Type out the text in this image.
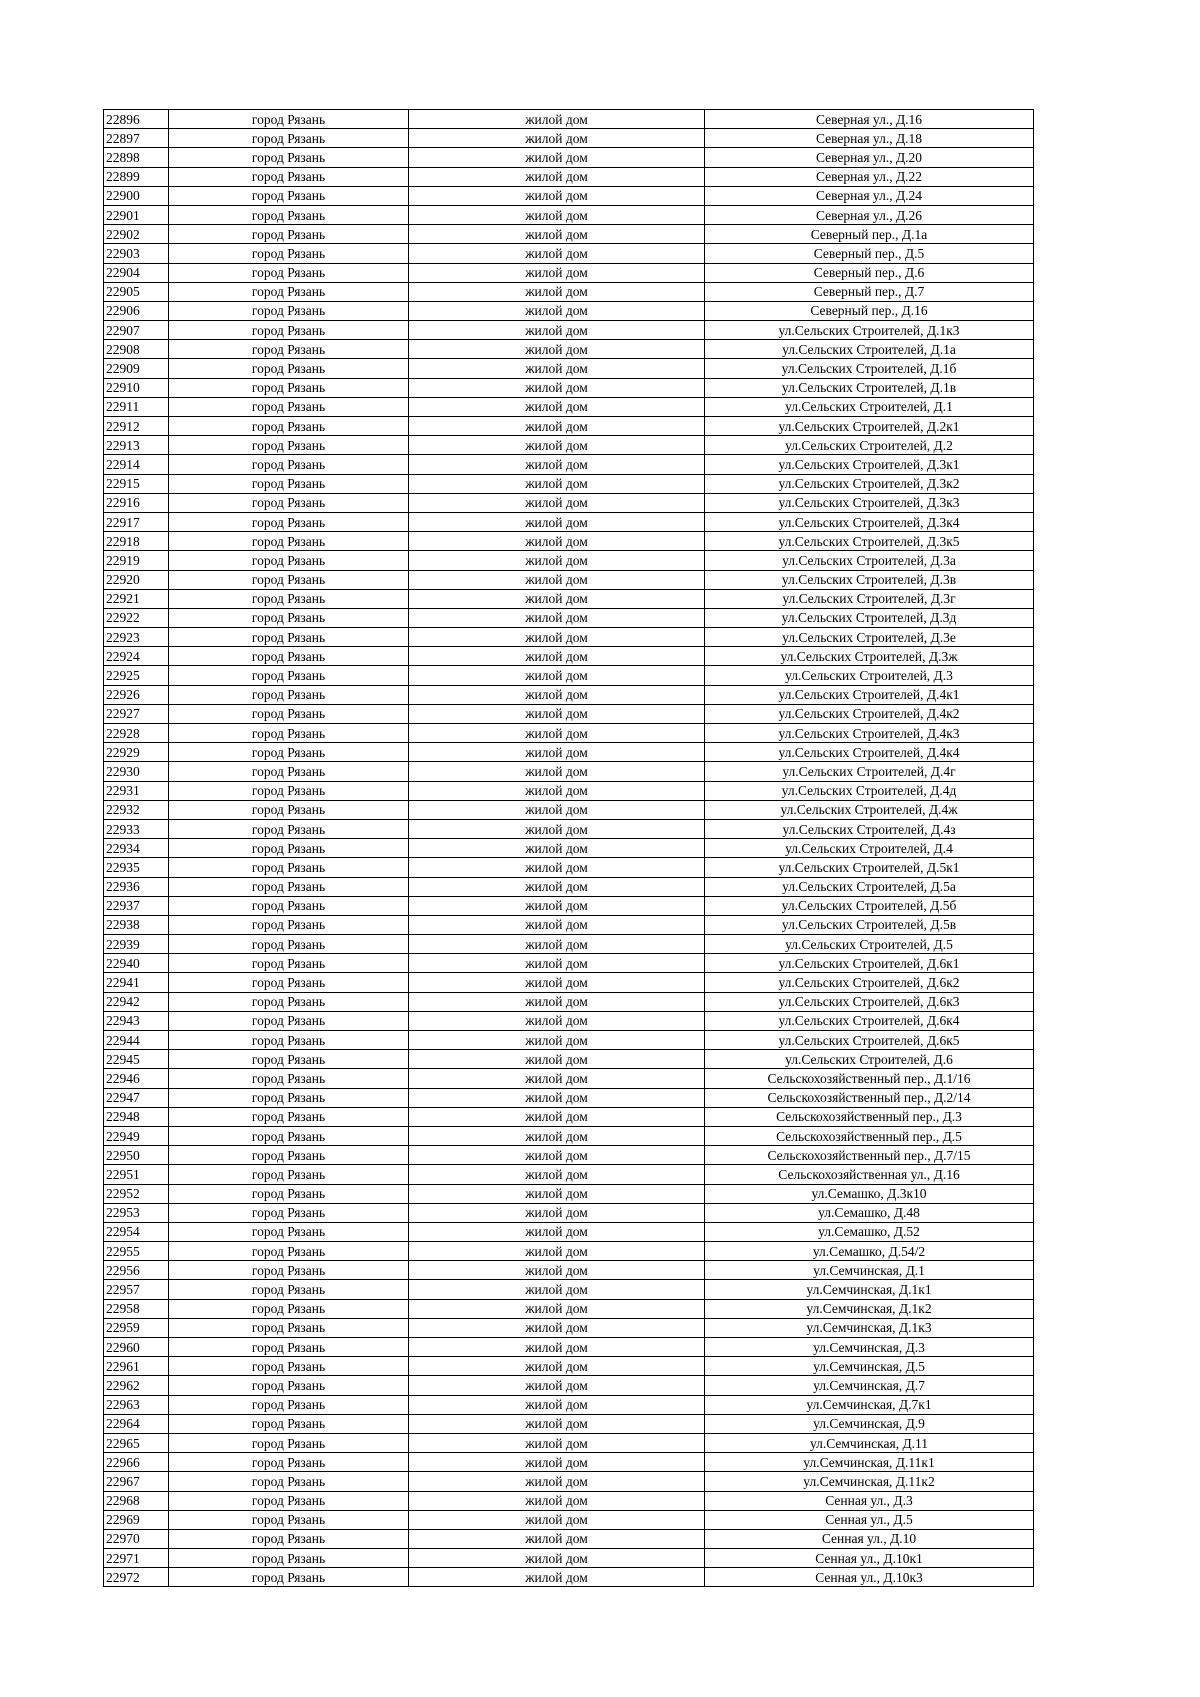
22896	город Рязань	жилой дом	Северная ул., Д.16
22897	город Рязань	жилой дом	Северная ул., Д.18
22898	город Рязань	жилой дом	Северная ул., Д.20
22899	город Рязань	жилой дом	Северная ул., Д.22
22900	город Рязань	жилой дом	Северная ул., Д.24
22901	город Рязань	жилой дом	Северная ул., Д.26
22902	город Рязань	жилой дом	Северный пер., Д.1а
22903	город Рязань	жилой дом	Северный пер., Д.5
22904	город Рязань	жилой дом	Северный пер., Д.6
22905	город Рязань	жилой дом	Северный пер., Д.7
22906	город Рязань	жилой дом	Северный пер., Д.16
22907	город Рязань	жилой дом	ул.Сельских Строителей, Д.1к3
22908	город Рязань	жилой дом	ул.Сельских Строителей, Д.1а
22909	город Рязань	жилой дом	ул.Сельских Строителей, Д.1б
22910	город Рязань	жилой дом	ул.Сельских Строителей, Д.1в
22911	город Рязань	жилой дом	ул.Сельских Строителей, Д.1
22912	город Рязань	жилой дом	ул.Сельских Строителей, Д.2к1
22913	город Рязань	жилой дом	ул.Сельских Строителей, Д.2
22914	город Рязань	жилой дом	ул.Сельских Строителей, Д.3к1
22915	город Рязань	жилой дом	ул.Сельских Строителей, Д.3к2
22916	город Рязань	жилой дом	ул.Сельских Строителей, Д.3к3
22917	город Рязань	жилой дом	ул.Сельских Строителей, Д.3к4
22918	город Рязань	жилой дом	ул.Сельских Строителей, Д.3к5
22919	город Рязань	жилой дом	ул.Сельских Строителей, Д.3а
22920	город Рязань	жилой дом	ул.Сельских Строителей, Д.3в
22921	город Рязань	жилой дом	ул.Сельских Строителей, Д.3г
22922	город Рязань	жилой дом	ул.Сельских Строителей, Д.3д
22923	город Рязань	жилой дом	ул.Сельских Строителей, Д.3е
22924	город Рязань	жилой дом	ул.Сельских Строителей, Д.3ж
22925	город Рязань	жилой дом	ул.Сельских Строителей, Д.3
22926	город Рязань	жилой дом	ул.Сельских Строителей, Д.4к1
22927	город Рязань	жилой дом	ул.Сельских Строителей, Д.4к2
22928	город Рязань	жилой дом	ул.Сельских Строителей, Д.4к3
22929	город Рязань	жилой дом	ул.Сельских Строителей, Д.4к4
22930	город Рязань	жилой дом	ул.Сельских Строителей, Д.4г
22931	город Рязань	жилой дом	ул.Сельских Строителей, Д.4д
22932	город Рязань	жилой дом	ул.Сельских Строителей, Д.4ж
22933	город Рязань	жилой дом	ул.Сельских Строителей, Д.4з
22934	город Рязань	жилой дом	ул.Сельских Строителей, Д.4
22935	город Рязань	жилой дом	ул.Сельских Строителей, Д.5к1
22936	город Рязань	жилой дом	ул.Сельских Строителей, Д.5а
22937	город Рязань	жилой дом	ул.Сельских Строителей, Д.5б
22938	город Рязань	жилой дом	ул.Сельских Строителей, Д.5в
22939	город Рязань	жилой дом	ул.Сельских Строителей, Д.5
22940	город Рязань	жилой дом	ул.Сельских Строителей, Д.6к1
22941	город Рязань	жилой дом	ул.Сельских Строителей, Д.6к2
22942	город Рязань	жилой дом	ул.Сельских Строителей, Д.6к3
22943	город Рязань	жилой дом	ул.Сельских Строителей, Д.6к4
22944	город Рязань	жилой дом	ул.Сельских Строителей, Д.6к5
22945	город Рязань	жилой дом	ул.Сельских Строителей, Д.6
22946	город Рязань	жилой дом	Сельскохозяйственный пер., Д.1/16
22947	город Рязань	жилой дом	Сельскохозяйственный пер., Д.2/14
22948	город Рязань	жилой дом	Сельскохозяйственный пер., Д.3
22949	город Рязань	жилой дом	Сельскохозяйственный пер., Д.5
22950	город Рязань	жилой дом	Сельскохозяйственный пер., Д.7/15
22951	город Рязань	жилой дом	Сельскохозяйственная ул., Д.16
22952	город Рязань	жилой дом	ул.Семашко, Д.3к10
22953	город Рязань	жилой дом	ул.Семашко, Д.48
22954	город Рязань	жилой дом	ул.Семашко, Д.52
22955	город Рязань	жилой дом	ул.Семашко, Д.54/2
22956	город Рязань	жилой дом	ул.Семчинская, Д.1
22957	город Рязань	жилой дом	ул.Семчинская, Д.1к1
22958	город Рязань	жилой дом	ул.Семчинская, Д.1к2
22959	город Рязань	жилой дом	ул.Семчинская, Д.1к3
22960	город Рязань	жилой дом	ул.Семчинская, Д.3
22961	город Рязань	жилой дом	ул.Семчинская, Д.5
22962	город Рязань	жилой дом	ул.Семчинская, Д.7
22963	город Рязань	жилой дом	ул.Семчинская, Д.7к1
22964	город Рязань	жилой дом	ул.Семчинская, Д.9
22965	город Рязань	жилой дом	ул.Семчинская, Д.11
22966	город Рязань	жилой дом	ул.Семчинская, Д.11к1
22967	город Рязань	жилой дом	ул.Семчинская, Д.11к2
22968	город Рязань	жилой дом	Сенная ул., Д.3
22969	город Рязань	жилой дом	Сенная ул., Д.5
22970	город Рязань	жилой дом	Сенная ул., Д.10
22971	город Рязань	жилой дом	Сенная ул., Д.10к1
22972	город Рязань	жилой дом	Сенная ул., Д.10к3
